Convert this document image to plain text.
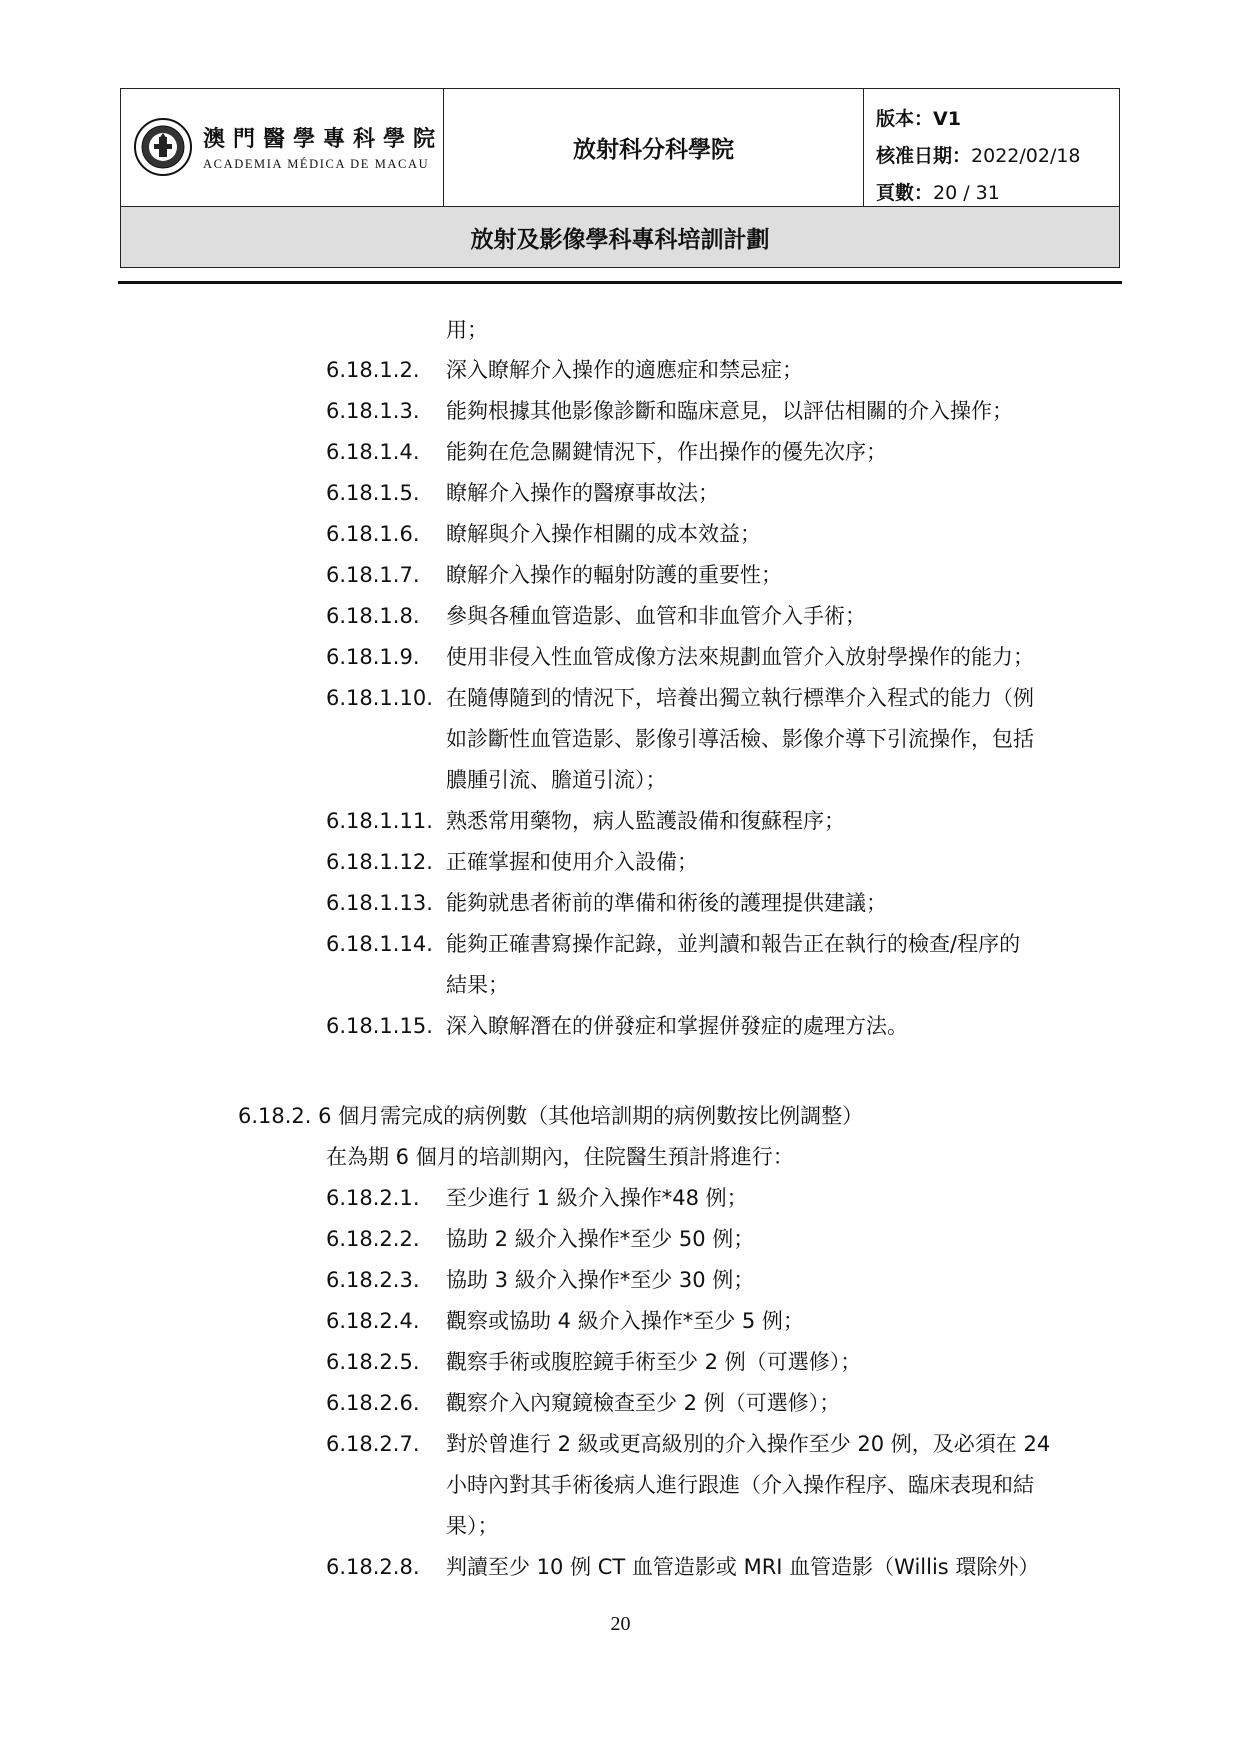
澳門醫學專科學院
ACADEMIA MÉDICA DE MACAU
放射科分科學院
版本：V1
核准日期：2022/02/18
頁數：20 / 31
放射及影像學科專科培訓計劃
用；
6.18.1.2. 深入瞭解介入操作的適應症和禁忌症；
6.18.1.3. 能夠根據其他影像診斷和臨床意見，以評估相關的介入操作；
6.18.1.4. 能夠在危急關鍵情況下，作出操作的優先次序；
6.18.1.5. 瞭解介入操作的醫療事故法；
6.18.1.6. 瞭解與介入操作相關的成本效益；
6.18.1.7. 瞭解介入操作的輻射防護的重要性；
6.18.1.8. 參與各種血管造影、血管和非血管介入手術；
6.18.1.9. 使用非侵入性血管成像方法來規劃血管介入放射學操作的能力；
6.18.1.10. 在隨傳隨到的情況下，培養出獨立執行標準介入程式的能力（例
如診斷性血管造影、影像引導活檢、影像介導下引流操作，包括
膿腫引流、膽道引流）；
6.18.1.11. 熟悉常用藥物，病人監護設備和復蘇程序；
6.18.1.12. 正確掌握和使用介入設備；
6.18.1.13. 能夠就患者術前的準備和術後的護理提供建議；
6.18.1.14. 能夠正確書寫操作記錄，並判讀和報告正在執行的檢查/程序的
結果；
6.18.1.15. 深入瞭解潛在的併發症和掌握併發症的處理方法。
6.18.2. 6 個月需完成的病例數（其他培訓期的病例數按比例調整）
在為期 6 個月的培訓期內，住院醫生預計將進行：
6.18.2.1. 至少進行 1 級介入操作*48 例；
6.18.2.2. 協助 2 級介入操作*至少 50 例；
6.18.2.3. 協助 3 級介入操作*至少 30 例；
6.18.2.4. 觀察或協助 4 級介入操作*至少 5 例；
6.18.2.5. 觀察手術或腹腔鏡手術至少 2 例（可選修）；
6.18.2.6. 觀察介入內窺鏡檢查至少 2 例（可選修）；
6.18.2.7. 對於曾進行 2 級或更高級別的介入操作至少 20 例，及必須在 24
小時內對其手術後病人進行跟進（介入操作程序、臨床表現和結
果）；
6.18.2.8. 判讀至少 10 例 CT 血管造影或 MRI 血管造影（Willis 環除外）
20
